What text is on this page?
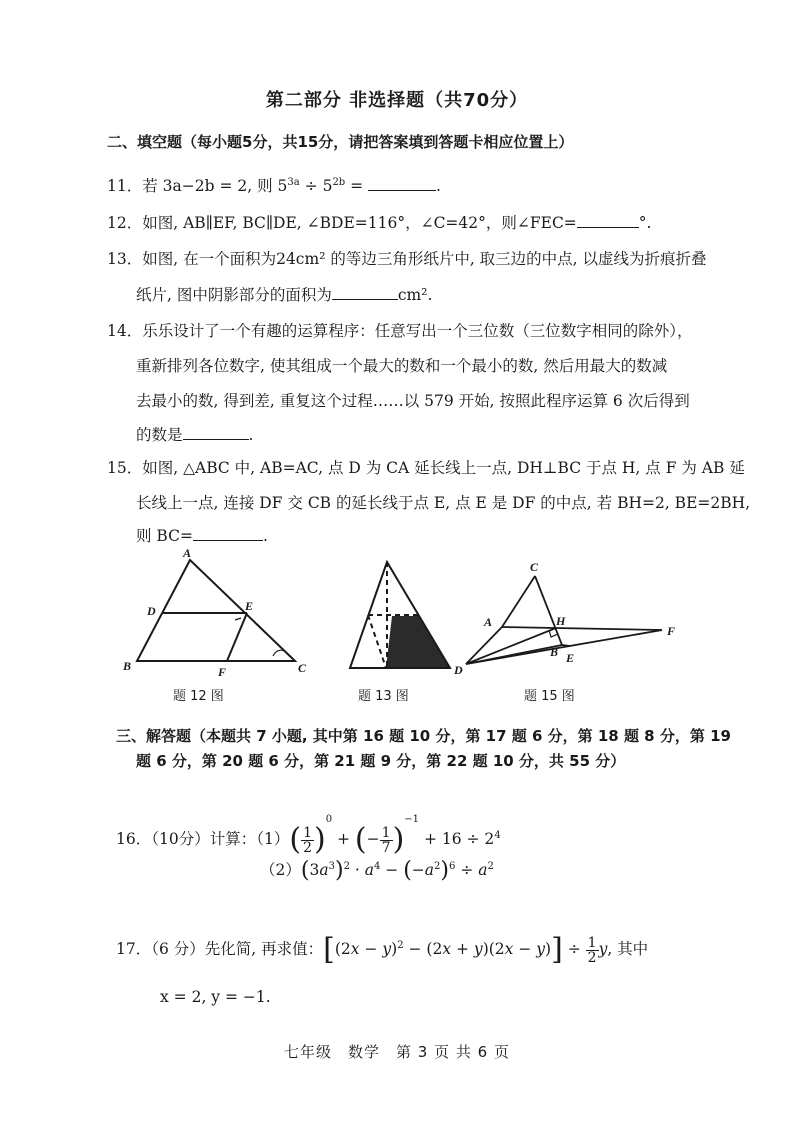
第二部分 非选择题（共70分）
二、填空题（每小题5分，共15分，请把答案填到答题卡相应位置上）
11．若 3a−2b = 2, 则 $5^{3a} \div 5^{2b}$ =	.
12．如图, AB∥EF, BC∥DE, ∠BDE=116°，∠C=42°，则∠FEC=	°.
13．如图, 在一个面积为24cm² 的等边三角形纸片中, 取三边的中点, 以虚线为折痕折叠
纸片, 图中阴影部分的面积为	cm².
14．乐乐设计了一个有趣的运算程序：任意写出一个三位数（三位数字相同的除外），
重新排列各位数字, 使其组成一个最大的数和一个最小的数, 然后用最大的数减
去最小的数, 得到差, 重复这个过程……以 579 开始, 按照此程序运算 6 次后得到
的数是	.
15．如图, △ABC 中, AB=AC, 点 D 为 CA 延长线上一点, DH⊥BC 于点 H, 点 F 为 AB 延
长线上一点, 连接 DF 交 CB 的延长线于点 E, 点 E 是 DF 的中点, 若 BH=2, BE=2BH,
则 BC=	.
A
D	E
B	F	C
题 12 图	题 13 图
C
H
A
B
F
E
D
题 15 图
三、解答题（本题共 7 小题, 其中第 16 题 10 分，第 17 题 6 分，第 18 题 8 分，第 19
题 6 分，第 20 题 6 分，第 21 题 9 分，第 22 题 10 分，共 55 分）
16．（10分）计算：$(1)( \frac{1}{2} )^0$ + (− $\frac{1}{7} )^{-1} + 16 \div 2^4$
$(2)(3a^3)^2 \cdot a^4 - (-a^2)^6 \div a^2$
17．（6 分）先化简, 再求值：$[(2x - y)^2 - (2x + y)(2x - y)] \div \frac{1}{2} y$, 其中
x = 2, y = −1.
七年级　数学　第 3 页 共 6 页
